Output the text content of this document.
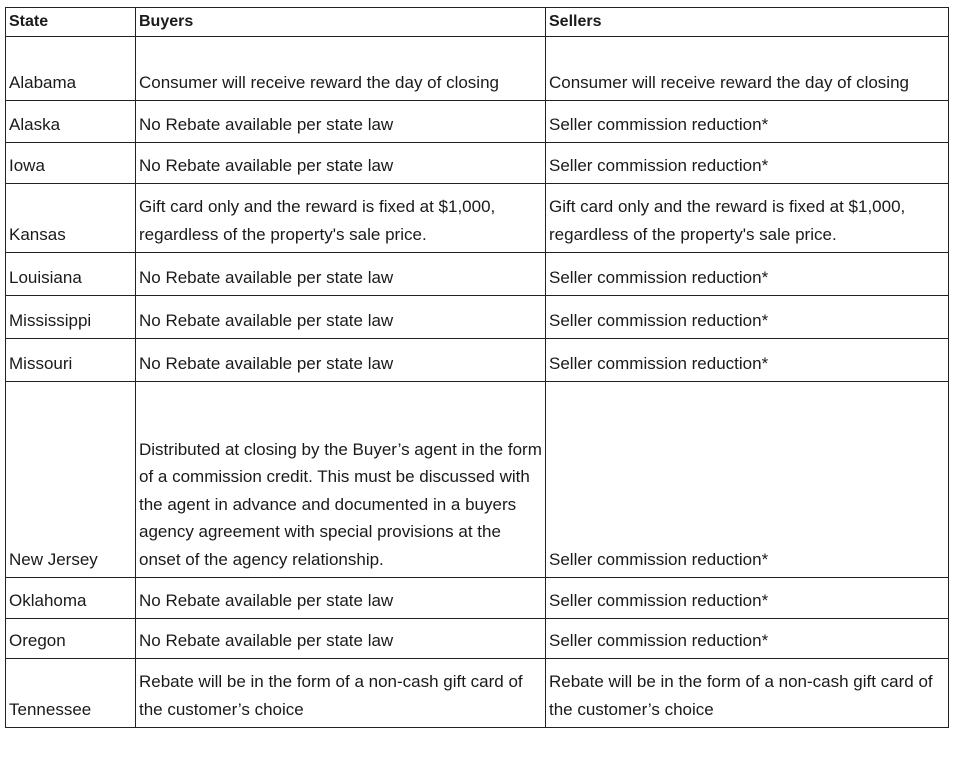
State	Buyers	Sellers
Alabama	Consumer will receive reward the day of closing	Consumer will receive reward the day of closing
Alaska	No Rebate available per state law	Seller commission reduction*
Iowa	No Rebate available per state law	Seller commission reduction*
Kansas	Gift card only and the reward is fixed at $1,000, regardless of the property's sale price.	Gift card only and the reward is fixed at $1,000, regardless of the property's sale price.
Louisiana	No Rebate available per state law	Seller commission reduction*
Mississippi	No Rebate available per state law	Seller commission reduction*
Missouri	No Rebate available per state law	Seller commission reduction*
New Jersey	Distributed at closing by the Buyer’s agent in the form of a commission credit. This must be discussed with the agent in advance and documented in a buyers agency agreement with special provisions at the onset of the agency relationship.	Seller commission reduction*
Oklahoma	No Rebate available per state law	Seller commission reduction*
Oregon	No Rebate available per state law	Seller commission reduction*
Tennessee	Rebate will be in the form of a non-cash gift card of the customer’s choice	Rebate will be in the form of a non-cash gift card of the customer’s choice
